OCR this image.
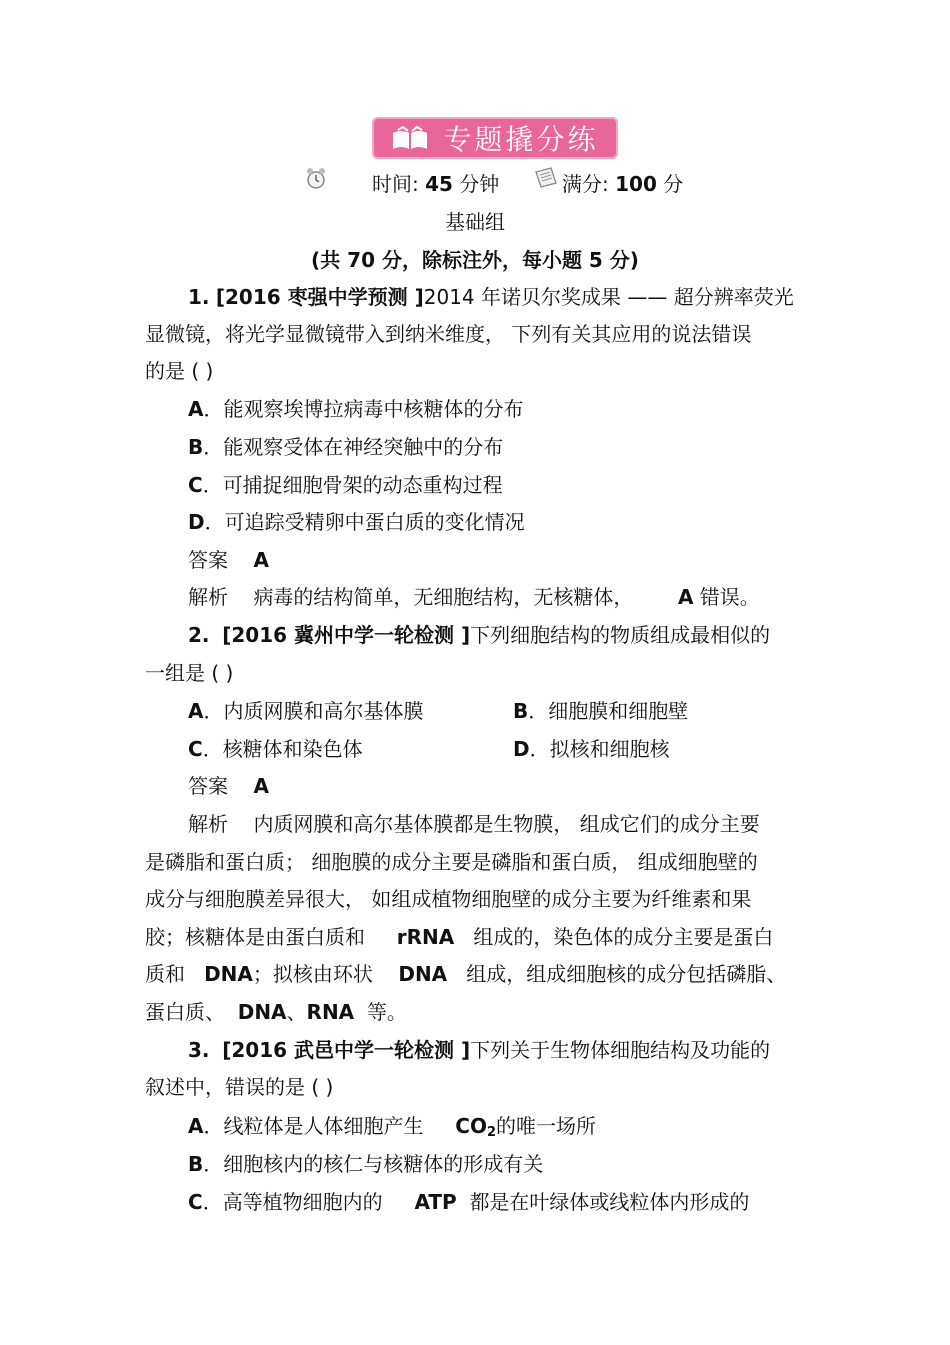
专题撬分练
时间: 45 分钟	满分: 100 分
基础组
(共 70 分，除标注外，每小题 5 分)
1. [2016 枣强中学预测 ]2014 年诺贝尔奖成果 —— 超分辨率荧光
显微镜，将光学显微镜带入到纳米维度， 下列有关其应用的说法错误
的是 ( )
A．能观察埃博拉病毒中核糖体的分布
B．能观察受体在神经突触中的分布
C．可捕捉细胞骨架的动态重构过程
D．可追踪受精卵中蛋白质的变化情况
答案 A
解析 病毒的结构简单，无细胞结构，无核糖体， A 错误。
2. [2016 冀州中学一轮检测 ]下列细胞结构的物质组成最相似的
一组是 ( )
A．内质网膜和高尔基体膜	B．细胞膜和细胞壁
C．核糖体和染色体	D．拟核和细胞核
答案 A
解析 内质网膜和高尔基体膜都是生物膜， 组成它们的成分主要
是磷脂和蛋白质； 细胞膜的成分主要是磷脂和蛋白质， 组成细胞壁的
成分与细胞膜差异很大， 如组成植物细胞壁的成分主要为纤维素和果
胶；核糖体是由蛋白质和 rRNA 组成的，染色体的成分主要是蛋白
质和 DNA；拟核由环状 DNA 组成，组成细胞核的成分包括磷脂、
蛋白质、 DNA、RNA 等。
3. [2016 武邑中学一轮检测 ]下列关于生物体细胞结构及功能的
叙述中，错误的是 ( )
A．线粒体是人体细胞产生 $CO_2$的唯一场所
B．细胞核内的核仁与核糖体的形成有关
C．高等植物细胞内的 ATP 都是在叶绿体或线粒体内形成的
